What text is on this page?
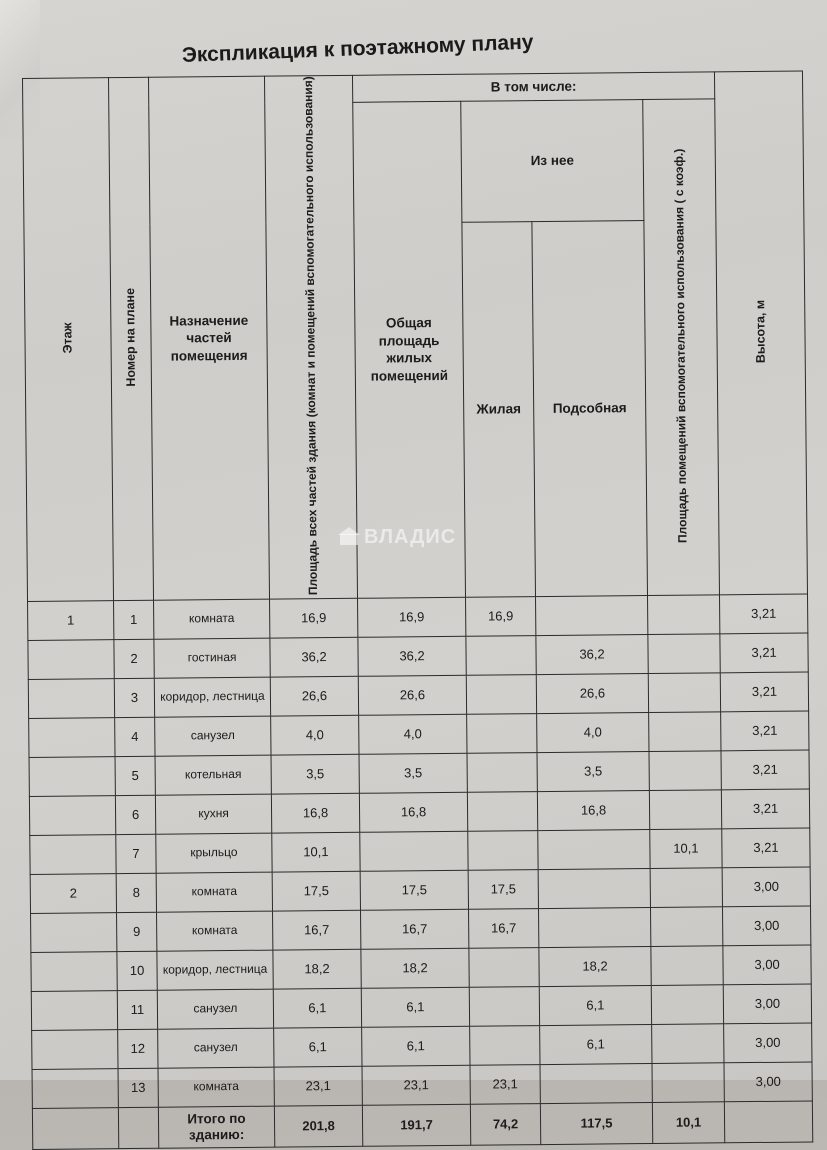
Экспликация к поэтажному плану
Этаж	Номер на плане	Назначение частей помещения	Площадь всех частей здания (комнат и помещений вспомогательного использования)	В том числе:				Высота, м

				Общая площадь жилых помещений	Из нее		Площадь помещений вспомогательного использования ( с коэф.)	
					Жилая	Подсобная		
1	1	комната	16,9	16,9	16,9			3,21
	2	гостиная	36,2	36,2		36,2		3,21
	3	коридор, лестница	26,6	26,6		26,6		3,21
	4	санузел	4,0	4,0		4,0		3,21
	5	котельная	3,5	3,5		3,5		3,21
	6	кухня	16,8	16,8		16,8		3,21
	7	крыльцо	10,1				10,1	3,21
2	8	комната	17,5	17,5	17,5			3,00
	9	комната	16,7	16,7	16,7			3,00
	10	коридор, лестница	18,2	18,2		18,2		3,00
	11	санузел	6,1	6,1		6,1		3,00
	12	санузел	6,1	6,1		6,1		3,00
	13	комната	23,1	23,1	23,1			3,00
		Итого по зданию:	201,8	191,7	74,2	117,5	10,1	
ВЛАДИС
